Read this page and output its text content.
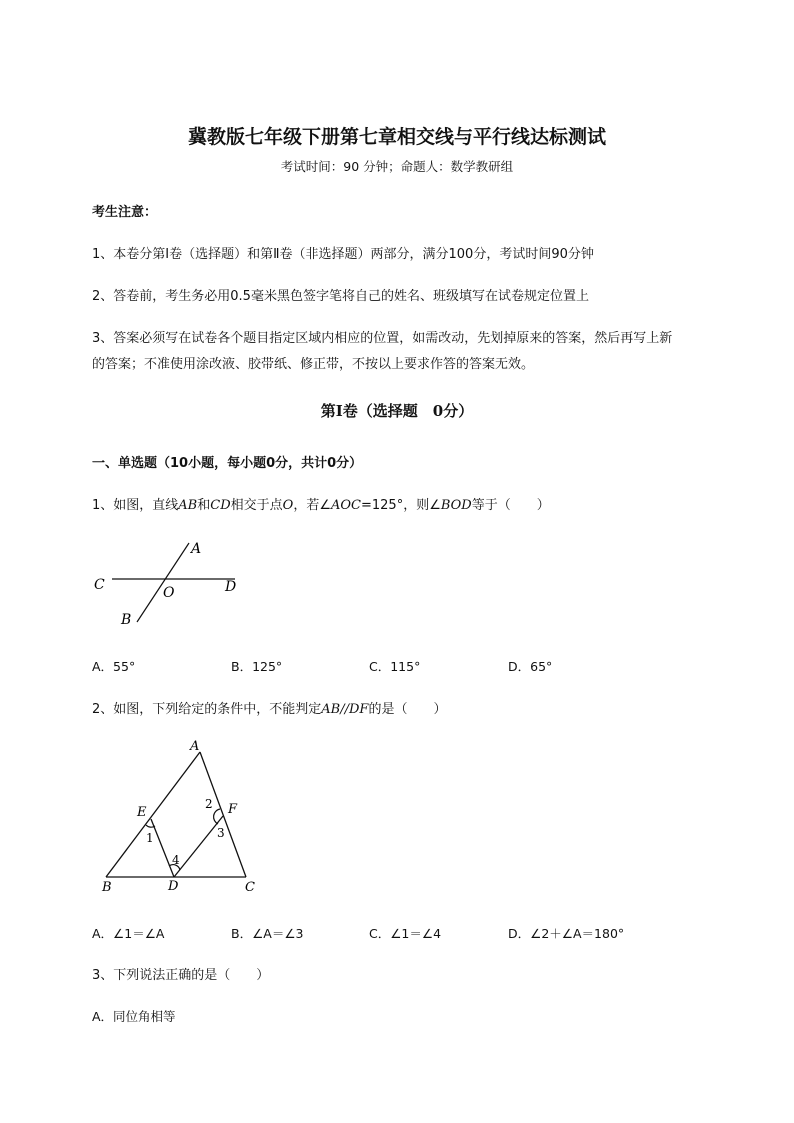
冀教版七年级下册第七章相交线与平行线达标测试
考试时间：90 分钟；命题人：数学教研组
考生注意：
1、本卷分第Ⅰ卷（选择题）和第Ⅱ卷（非选择题）两部分，满分100分，考试时间90分钟
2、答卷前，考生务必用0.5毫米黑色签字笔将自己的姓名、班级填写在试卷规定位置上
3、答案必须写在试卷各个题目指定区域内相应的位置，如需改动，先划掉原来的答案，然后再写上新
的答案；不准使用涂改液、胶带纸、修正带，不按以上要求作答的答案无效。
第Ⅰ卷（选择题　0分）
一、单选题（10小题，每小题0分，共计0分）
1、如图，直线AB和CD相交于点O，若∠AOC=125°，则∠BOD等于（　　）
A
C	D
O
B
A．55°	B．125°	C．115°	D．65°
2、如图，下列给定的条件中，不能判定AB//DF的是（　　）
A
E	F
B	D	C
1
2
3
4
A．∠1＝∠A	B．∠A＝∠3	C．∠1＝∠4	D．∠2＋∠A＝180°
3、下列说法正确的是（　　）
A．同位角相等
